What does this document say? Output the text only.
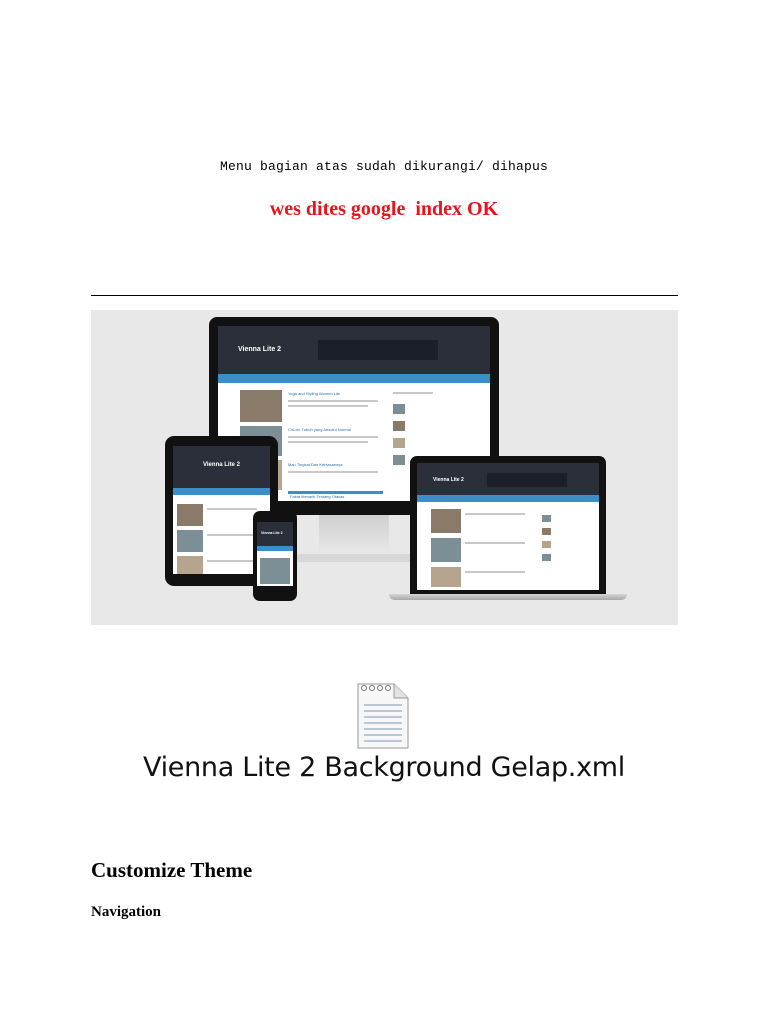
Menu bagian atas sudah dikurangi/ dihapus
wes dites google  index OK
Vienna Lite 2
Yoga and Styling Women Lite
Ciri-ciri Tubuh yang Absolut Normal
Mau Tingkat Dan Kebiasannya
Fakta Menarik Tentang Otakas
Vienna Lite 2
Vienna Lite 2
Vienna Lite 2
Vienna Lite 2 Background Gelap.xml
Customize Theme
Navigation
